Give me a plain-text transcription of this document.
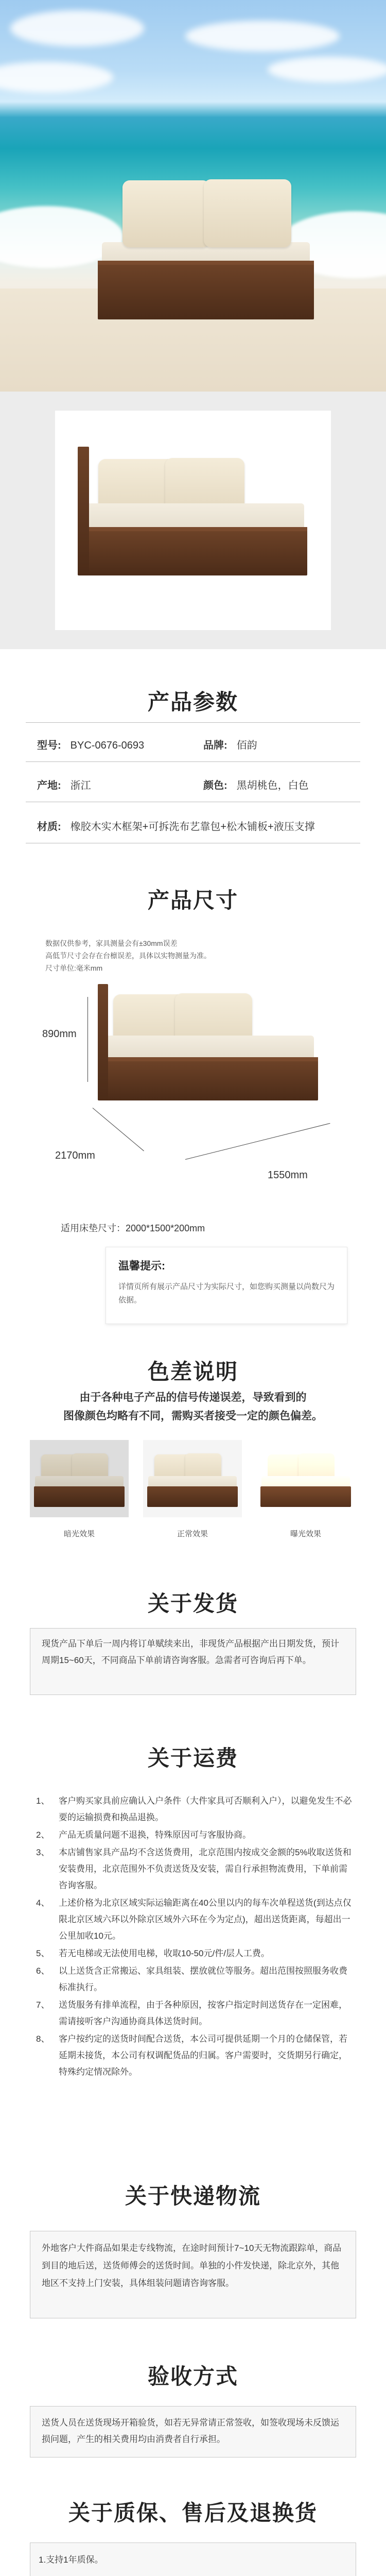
产品参数
型号: BYC-0676-0693	品牌: 佰韵
产地: 浙江	颜色: 黑胡桃色，白色
材质: 橡胶木实木框架+可拆洗布艺靠包+松木铺板+液压支撑
产品尺寸
数据仅供参考，家具测量会有±30mm误差
高低节尺寸会存在台檩误差，具体以实物测量为准。
尺寸单位:毫米mm
890mm
2170mm
1550mm
适用床垫尺寸：2000*1500*200mm
温馨提示:
详情页所有展示产品尺寸为实际尺寸，如您购买测量以尚数尺为依据。
色差说明
由于各种电子产品的信号传递误差，导致看到的
图像颜色均略有不同，需购买者接受一定的颜色偏差。
暗光效果	正常效果	曝光效果
关于发货
现货产品下单后一周内将订单赋续来出，非现货产品根据产出日期发货，预计周期15~60天，不同商品下单前请咨询客服。急需者可咨询后再下单。
关于运费
1、 客户购买家具前应确认入户条件（大件家具可否顺利入户），以避免发生不必要的运输损费和换品退换。
2、 产品无质量问题不退换，特殊原因可与客服协商。
3、 本店铺售家具产品均不含送货费用，北京范围内按成交金额的5%收取送货和安装费用，北京范围外不负责送货及安装，需自行承担物流费用，下单前需咨询客服。
4、 上述价格为北京区域实际运输距离在40公里以内的每车次单程送货(到达点仅限北京区域六环以外除京区域外六环在今为定点)，超出送货距离，每超出一公里加收10元。
5、 若无电梯或无法使用电梯，收取10-50元/件/层人工费。
6、 以上送货含正常搬运、家具组装、摆放就位等服务。超出范围按照服务收费标准执行。
7、 送货服务有排单流程，由于各种原因，按客户指定时间送货存在一定困难，需请接听客户沟通协商具体送货时间。
8、 客户按约定的送货时间配合送货，本公司可提供延期一个月的仓储保管，若延期未接货，本公司有权调配货品的归属。客户需要时，交货期另行确定，特殊约定情况除外。
关于快递物流
外地客户大件商品如果走专线物流，在途时间预计7~10天无物流跟踪单，商品到目的地后送，送货师傅会的送货时间。单独的小件发快递，除北京外，其他地区不支持上门安装，具体组装问题请咨询客服。
验收方式
送货人员在送货现场开箱验货，如若无异常请正常签收，如签收现场未反馈运损问题，产生的相关费用均由消费者自行承担。
关于质保、售后及退换货

1.支持1年质保。
